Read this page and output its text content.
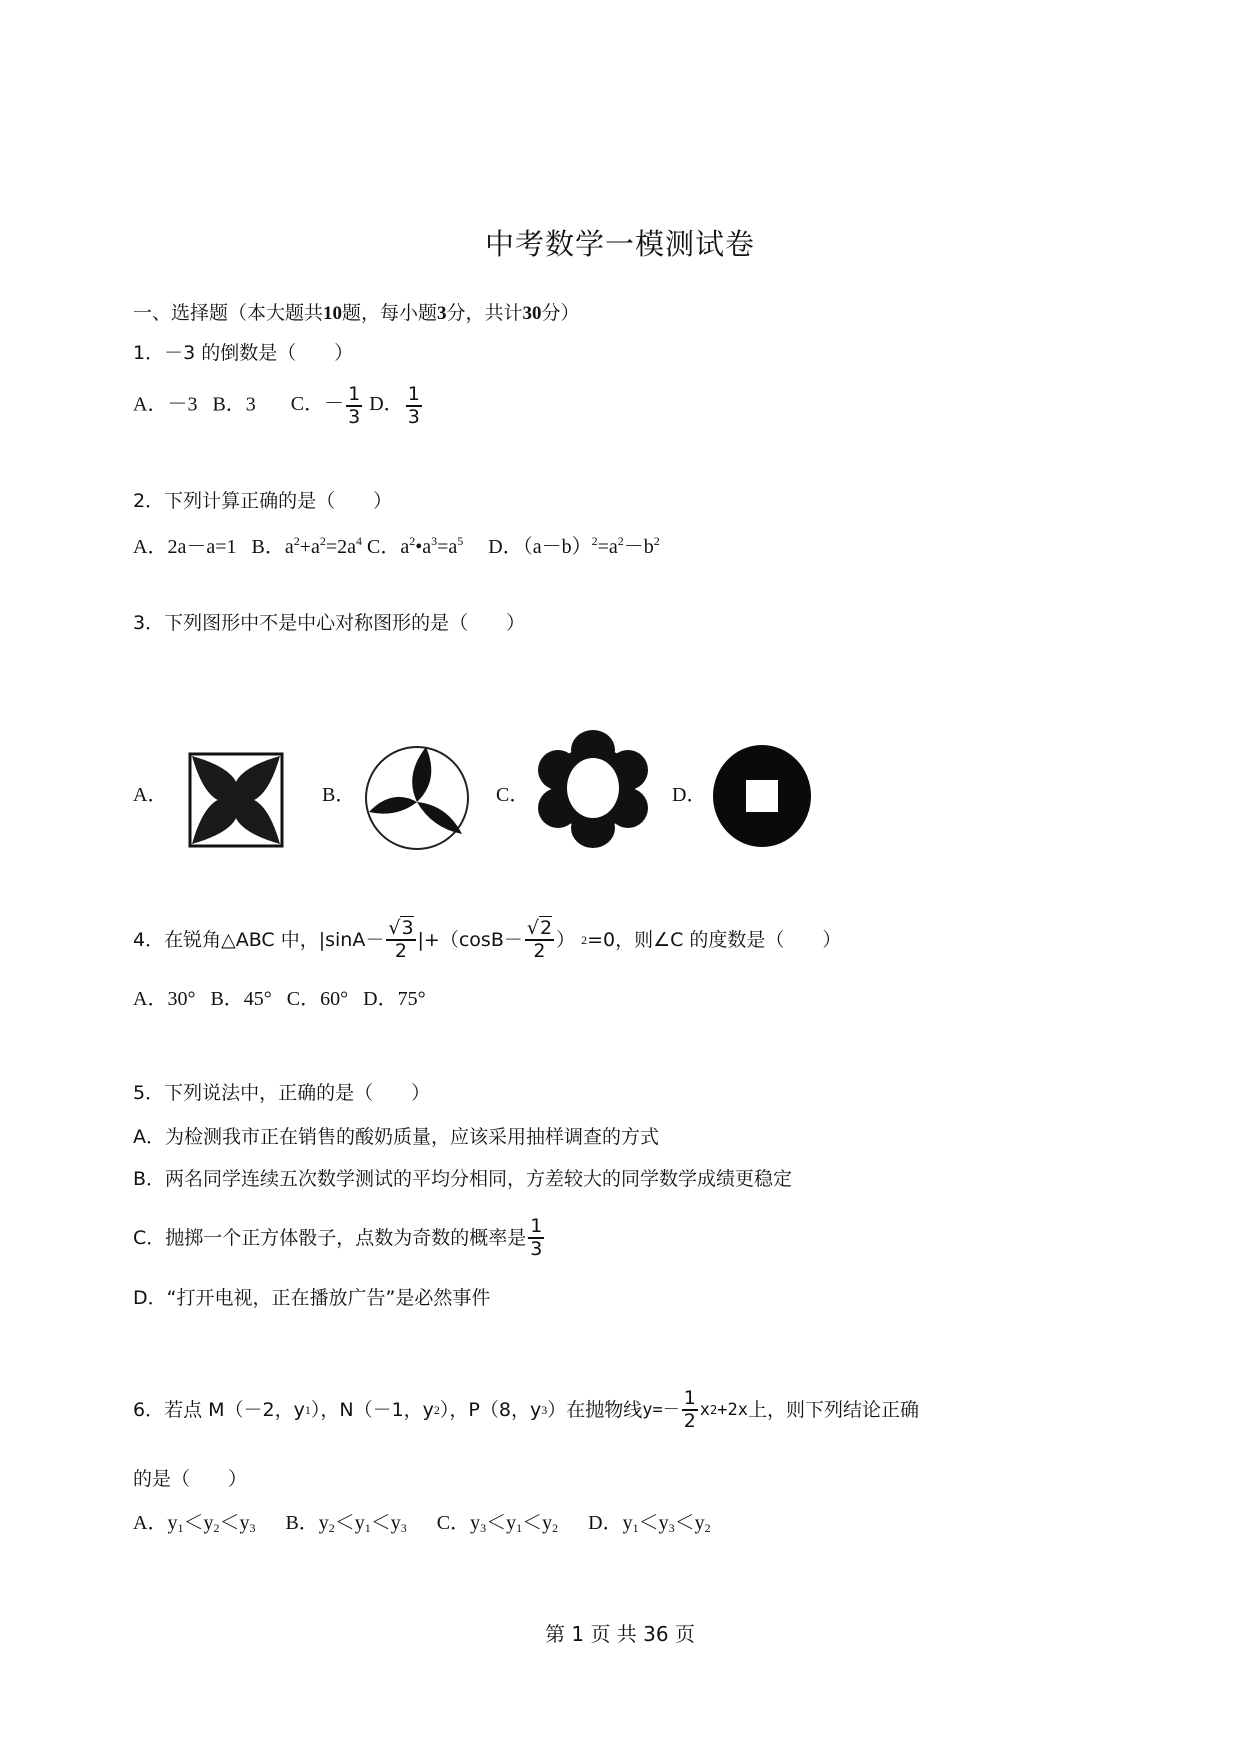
中考数学一模测试卷
一、选择题（本大题共10题，每小题3分，共计30分）
1．－3 的倒数是（　　）
A．－3 B．3 C．－ $\frac{1}{3}$ D． $\frac{1}{3}$
2．下列计算正确的是（　　）
A．2a－a=1 B．$a^2+a^2=2a^4$ C．$a^2•a^3=a^5$ D．$(a-b)^2=a^2-b^2$
3．下列图形中不是中心对称图形的是（　　）
A．	B．	C．	D．
4．在锐角△ABC 中，$|\sin A- \frac{√3}{2} |+(\cos B- \frac{√2}{2}$ ） 2 =0，则∠C 的度数是（　　）
A．30° B．45° C．60° D．75°
5．下列说法中，正确的是（　　）
A．为检测我市正在销售的酸奶质量，应该采用抽样调查的方式
B．两名同学连续五次数学测试的平均分相同，方差较大的同学数学成绩更稳定
C．抛掷一个正方体骰子，点数为奇数的概率是 $\frac{1}{3}$
D．“打开电视，正在播放广告”是必然事件
6．若点 M（－2，y 1 ），N（－1，y 2 ），P（8，y 3 ）在抛物线 $y=- \frac{1}{2}$ x 2 +2x 上，则下列结论正确
的是（　　）
A．$y_1<y_2<y_3$ B．$y_2<y_1<y_3$ C．$y_3<y_1<y_2$ D．$y_1<y_3<y_2$
第 1 页 共 36 页
